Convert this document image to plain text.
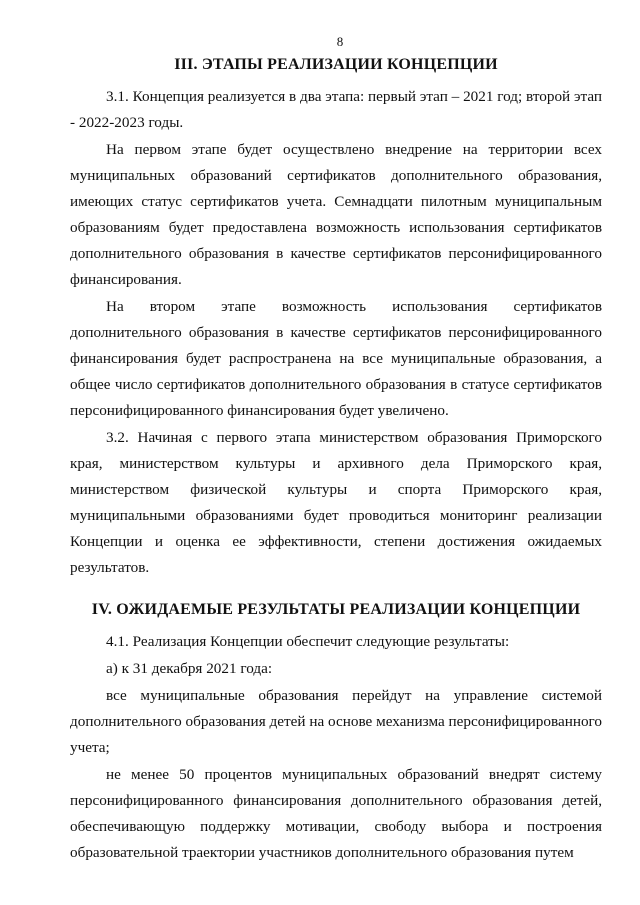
8
III. ЭТАПЫ РЕАЛИЗАЦИИ КОНЦЕПЦИИ

3.1. Концепция реализуется в два этапа: первый этап – 2021 год; второй этап - 2022-2023 годы.

На первом этапе будет осуществлено внедрение на территории всех муниципальных образований сертификатов дополнительного образования, имеющих статус сертификатов учета. Семнадцати пилотным муниципальным образованиям будет предоставлена возможность использования сертификатов дополнительного образования в качестве сертификатов персонифицированного финансирования.

На втором этапе возможность использования сертификатов дополнительного образования в качестве сертификатов персонифицированного финансирования будет распространена на все муниципальные образования, а общее число сертификатов дополнительного образования в статусе сертификатов персонифицированного финансирования будет увеличено.

3.2. Начиная с первого этапа министерством образования Приморского края, министерством культуры и архивного дела Приморского края, министерством физической культуры и спорта Приморского края, муниципальными образованиями будет проводиться мониторинг реализации Концепции и оценка ее эффективности, степени достижения ожидаемых результатов.

IV. ОЖИДАЕМЫЕ РЕЗУЛЬТАТЫ РЕАЛИЗАЦИИ КОНЦЕПЦИИ

4.1. Реализация Концепции обеспечит следующие результаты:

а) к 31 декабря 2021 года:

все муниципальные образования перейдут на управление системой дополнительного образования детей на основе механизма персонифицированного учета;

не менее 50 процентов муниципальных образований внедрят систему персонифицированного финансирования дополнительного образования детей, обеспечивающую поддержку мотивации, свободу выбора и построения образовательной траектории участников дополнительного образования путем
